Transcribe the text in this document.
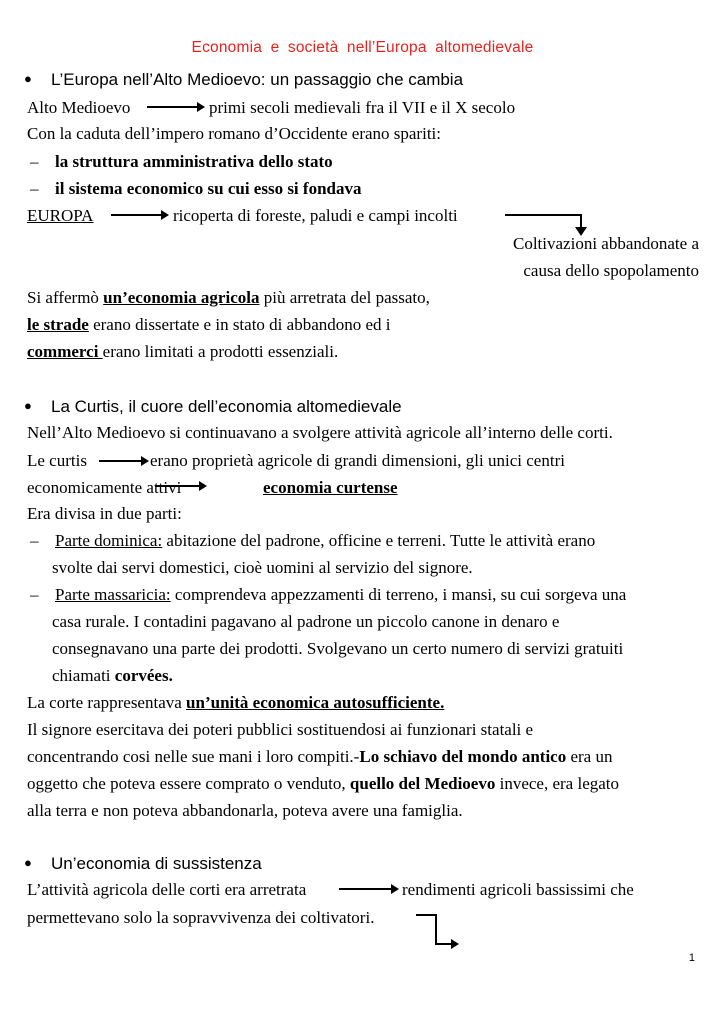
Economia e società nell’Europa altomedievale
● L’Europa nell’Alto Medioevo: un passaggio che cambia
Alto Medioevo	primi secoli medievali fra il VII e il X secolo
Con la caduta dell’impero romano d’Occidente erano spariti:
– la struttura amministrativa dello stato
– il sistema economico su cui esso si fondava
EUROPA	ricoperta di foreste, paludi e campi incolti
Coltivazioni abbandonate a
causa dello spopolamento
Si affermò un’economia agricola più arretrata del passato,
le strade erano dissertate e in stato di abbandono ed i
commerci erano limitati a prodotti essenziali.
● La Curtis, il cuore dell’economia altomedievale
Nell’Alto Medioevo si continuavano a svolgere attività agricole all’interno delle corti.
Le curtis	erano proprietà agricole di grandi dimensioni, gli unici centri
economicamente attivi	economia curtense
Era divisa in due parti:
– Parte dominica: abitazione del padrone, officine e terreni. Tutte le attività erano
svolte dai servi domestici, cioè uomini al servizio del signore.
– Parte massaricia: comprendeva appezzamenti di terreno, i mansi, su cui sorgeva una
casa rurale. I contadini pagavano al padrone un piccolo canone in denaro e
consegnavano una parte dei prodotti. Svolgevano un certo numero di servizi gratuiti
chiamati corvées.
La corte rappresentava un’unità economica autosufficiente.
Il signore esercitava dei poteri pubblici sostituendosi ai funzionari statali e
concentrando cosi nelle sue mani i loro compiti.-Lo schiavo del mondo antico era un
oggetto che poteva essere comprato o venduto, quello del Medioevo invece, era legato
alla terra e non poteva abbandonarla, poteva avere una famiglia.
● Un’economia di sussistenza
L’attività agricola delle corti era arretrata	rendimenti agricoli bassissimi che
permettevano solo la sopravvivenza dei coltivatori.
1
